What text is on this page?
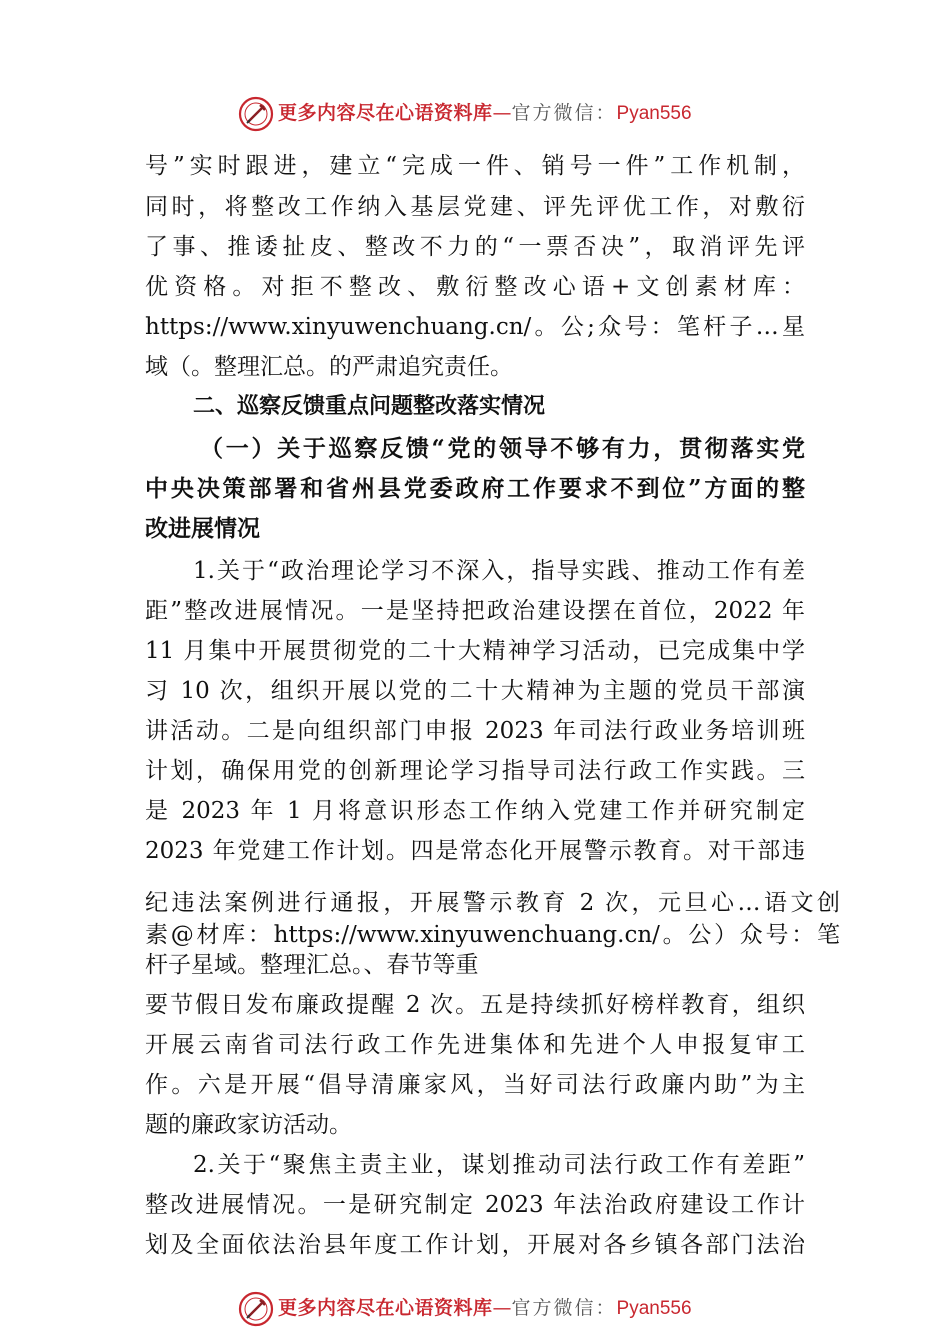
更多内容尽在心语资料库—官方微信：Pyan556
号”实时跟进，建立“完成一件、销号一件”工作机制，
同时，将整改工作纳入基层党建、评先评优工作，对敷衍
了事、推诿扯皮、整改不力的“一票否决”，取消评先评
优资格。对拒不整改、敷衍整改心语+文创素材库：
https://www.xinyuwenchuang.cn/。公;众号：笔杆子…星
域（。整理汇总。的严肃追究责任。
二、巡察反馈重点问题整改落实情况
（一）关于巡察反馈“党的领导不够有力，贯彻落实党
中央决策部署和省州县党委政府工作要求不到位”方面的整
改进展情况
1.关于“政治理论学习不深入，指导实践、推动工作有差
距”整改进展情况。一是坚持把政治建设摆在首位，2022 年
11 月集中开展贯彻党的二十大精神学习活动，已完成集中学
习 10 次，组织开展以党的二十大精神为主题的党员干部演
讲活动。二是向组织部门申报 2023 年司法行政业务培训班
计划，确保用党的创新理论学习指导司法行政工作实践。三
是 2023 年 1 月将意识形态工作纳入党建工作并研究制定
2023 年党建工作计划。四是常态化开展警示教育。对干部违
纪违法案例进行通报，开展警示教育 2 次，元旦心…语文创
素@材库：https://www.xinyuwenchuang.cn/。公）众号：笔
杆子星域。整理汇总。、春节等重
要节假日发布廉政提醒 2 次。五是持续抓好榜样教育，组织
开展云南省司法行政工作先进集体和先进个人申报复审工
作。六是开展“倡导清廉家风，当好司法行政廉内助”为主
题的廉政家访活动。
2.关于“聚焦主责主业，谋划推动司法行政工作有差距”
整改进展情况。一是研究制定 2023 年法治政府建设工作计
划及全面依法治县年度工作计划，开展对各乡镇各部门法治
更多内容尽在心语资料库—官方微信：Pyan556
